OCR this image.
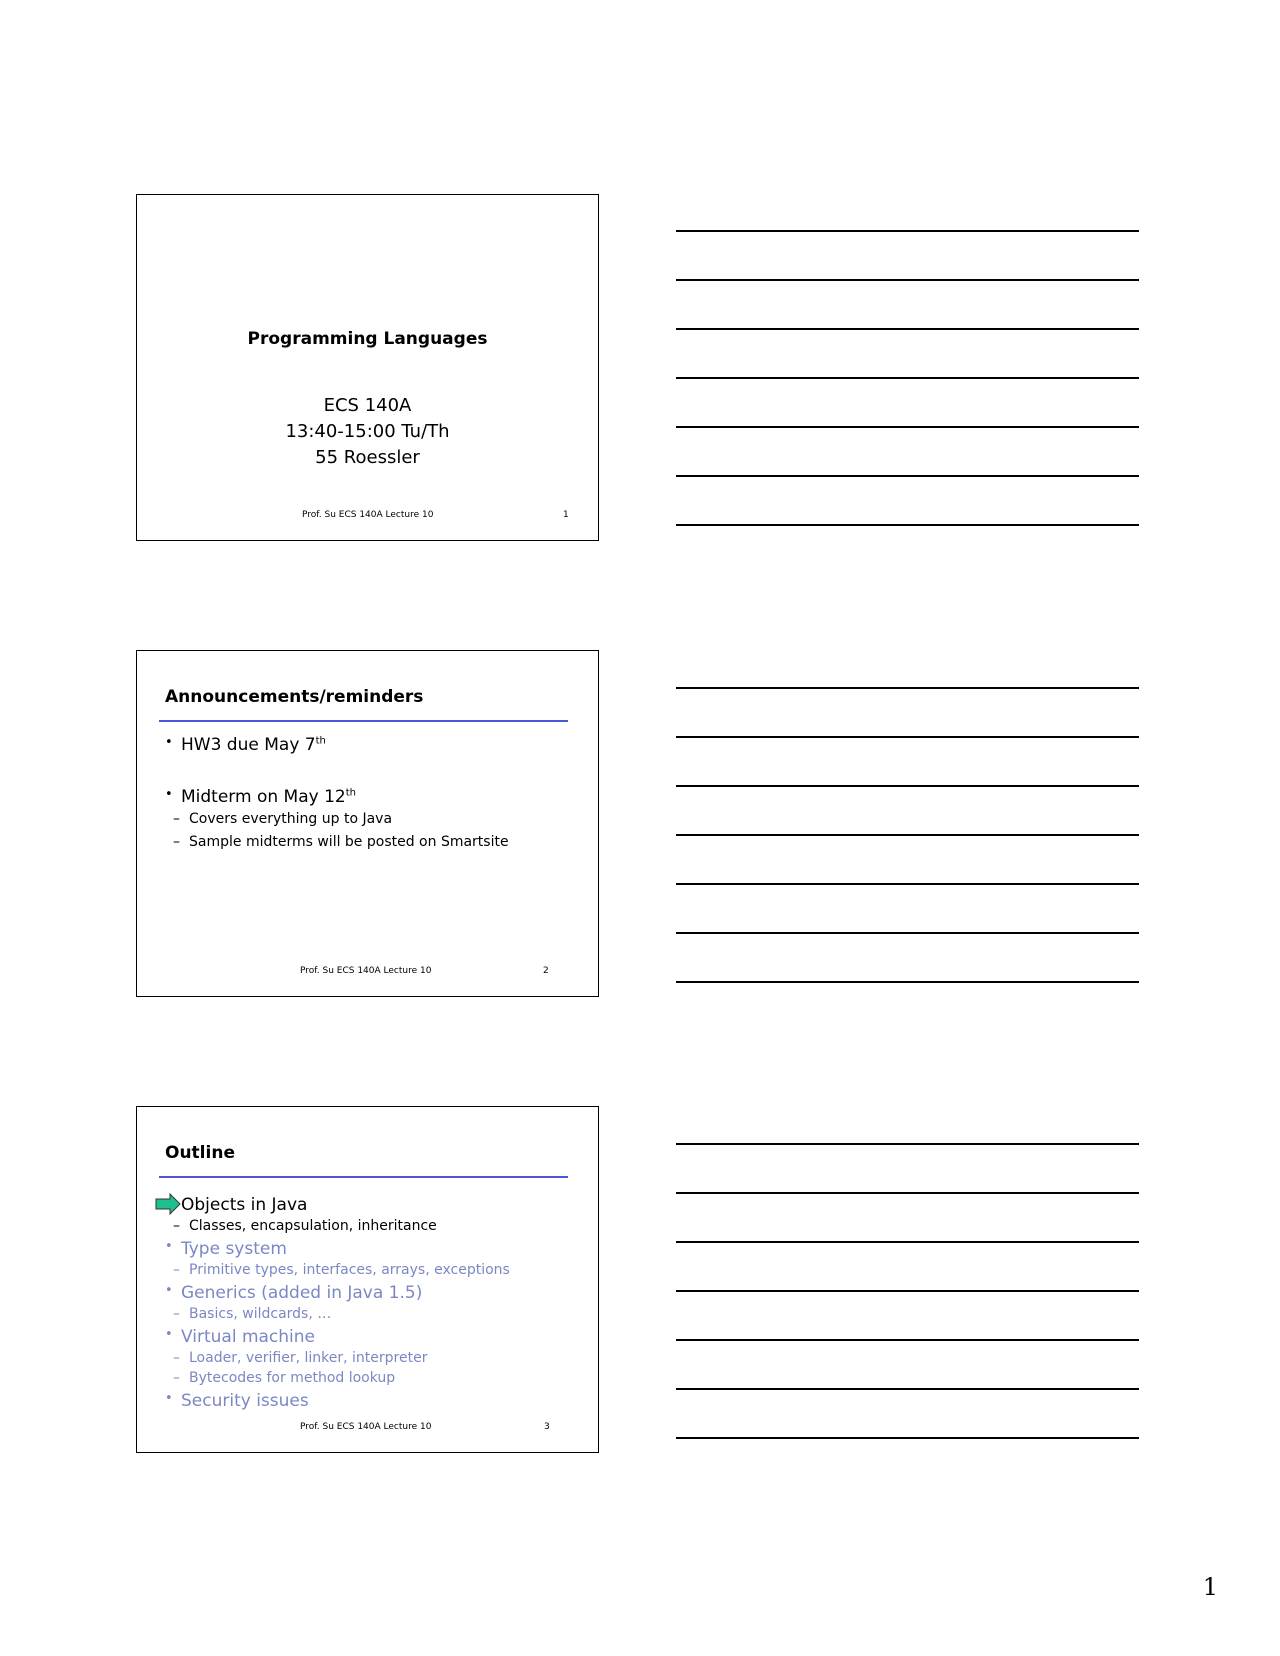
Programming Languages
ECS 140A
13:40-15:00 Tu/Th
55 Roessler
Prof. Su ECS 140A Lecture 10	1
Announcements/reminders
• HW3 due May 7th
• Midterm on May 12th
– Covers everything up to Java
– Sample midterms will be posted on Smartsite
Prof. Su ECS 140A Lecture 10	2
Outline
Objects in Java
– Classes, encapsulation, inheritance
• Type system
– Primitive types, interfaces, arrays, exceptions
• Generics (added in Java 1.5)
– Basics, wildcards, …
• Virtual machine
– Loader, verifier, linker, interpreter
– Bytecodes for method lookup
• Security issues
Prof. Su ECS 140A Lecture 10	3
1
